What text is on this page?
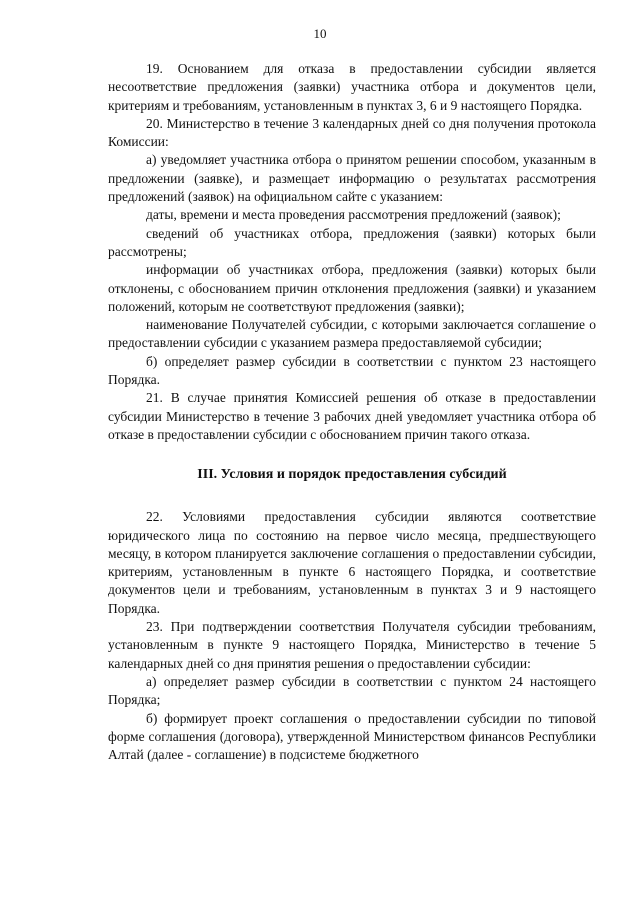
10

19. Основанием для отказа в предоставлении субсидии является несоответствие предложения (заявки) участника отбора и документов цели, критериям и требованиям, установленным в пунктах 3, 6 и 9 настоящего Порядка.

20. Министерство в течение 3 календарных дней со дня получения протокола Комиссии:

а) уведомляет участника отбора о принятом решении способом, указанным в предложении (заявке), и размещает информацию о результатах рассмотрения предложений (заявок) на официальном сайте с указанием:

даты, времени и места проведения рассмотрения предложений (заявок);

сведений об участниках отбора, предложения (заявки) которых были рассмотрены;

информации об участниках отбора, предложения (заявки) которых были отклонены, с обоснованием причин отклонения предложения (заявки) и указанием положений, которым не соответствуют предложения (заявки);

наименование Получателей субсидии, с которыми заключается соглашение о предоставлении субсидии с указанием размера предоставляемой субсидии;

б) определяет размер субсидии в соответствии с пунктом 23 настоящего Порядка.

21. В случае принятия Комиссией решения об отказе в предоставлении субсидии Министерство в течение 3 рабочих дней уведомляет участника отбора об отказе в предоставлении субсидии с обоснованием причин такого отказа.

III. Условия и порядок предоставления субсидий

22. Условиями предоставления субсидии являются соответствие юридического лица по состоянию на первое число месяца, предшествующего месяцу, в котором планируется заключение соглашения о предоставлении субсидии, критериям, установленным в пункте 6 настоящего Порядка, и соответствие документов цели и требованиям, установленным в пунктах 3 и 9 настоящего Порядка.

23. При подтверждении соответствия Получателя субсидии требованиям, установленным в пункте 9 настоящего Порядка, Министерство в течение 5 календарных дней со дня принятия решения о предоставлении субсидии:

а) определяет размер субсидии в соответствии с пунктом 24 настоящего Порядка;

б) формирует проект соглашения о предоставлении субсидии по типовой форме соглашения (договора), утвержденной Министерством финансов Республики Алтай (далее - соглашение) в подсистеме бюджетного
